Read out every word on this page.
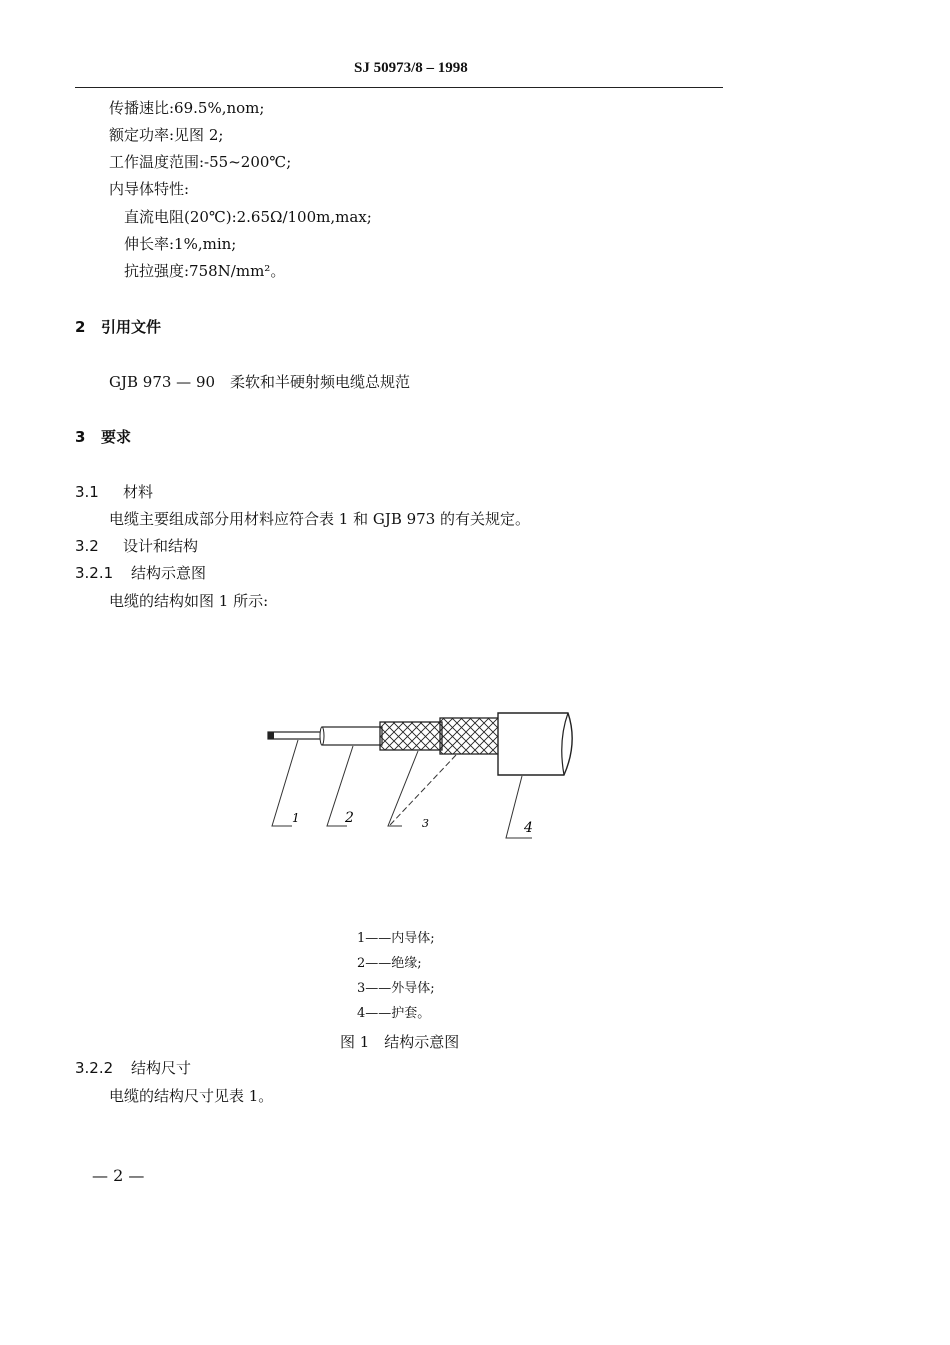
SJ 50973/8 – 1998
传播速比:69.5%,nom;
额定功率:见图 2;
工作温度范围:-55~200℃;
内导体特性:
直流电阻(20℃):2.65Ω/100m,max;
伸长率:1%,min;
抗拉强度:758N/mm²。
2 引用文件
GJB 973 — 90　柔软和半硬射频电缆总规范
3 要求
3.1 材料
电缆主要组成部分用材料应符合表 1 和 GJB 973 的有关规定。
3.2 设计和结构
3.2.1 结构示意图
电缆的结构如图 1 所示:
1	2	3	4
1——内导体;
2——绝缘;
3——外导体;
4——护套。
图 1　结构示意图
3.2.2 结构尺寸
电缆的结构尺寸见表 1。
— 2 —
